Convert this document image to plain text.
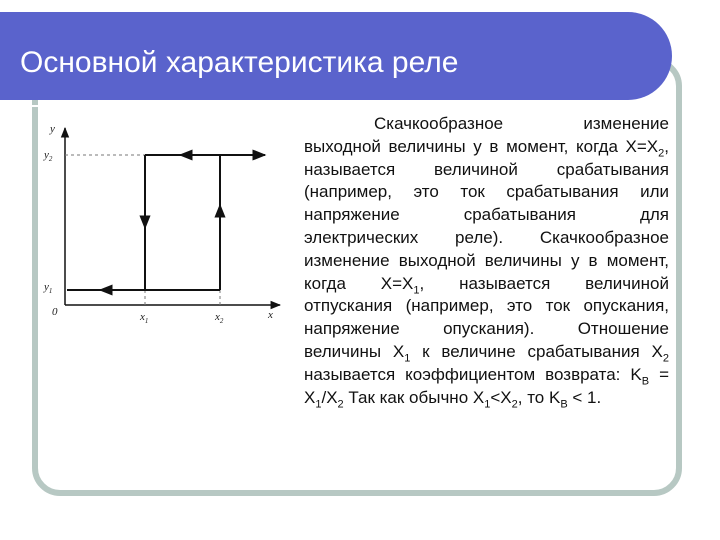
Основной характеристика реле
y
$y_2$
$y_1$
0	$x_1$	$x_2$	x

Скачкообразное изменение выходной величины y в момент, когда $X=X_2$, называется величиной срабатывания (например, это ток срабатывания или напряжение срабатывания для электрических реле). Скачкообразное изменение выходной величины y в момент, когда $X=X_1$, называется величиной отпускания (например, это ток опускания, напряжение опускания). Отношение величины $X_1$ к величине срабатывания $X_2$ называется коэффициентом возврата: $K_B = X_1/X_2$ Так как обычно $X_1<X_2$, то $K_B < 1$.
